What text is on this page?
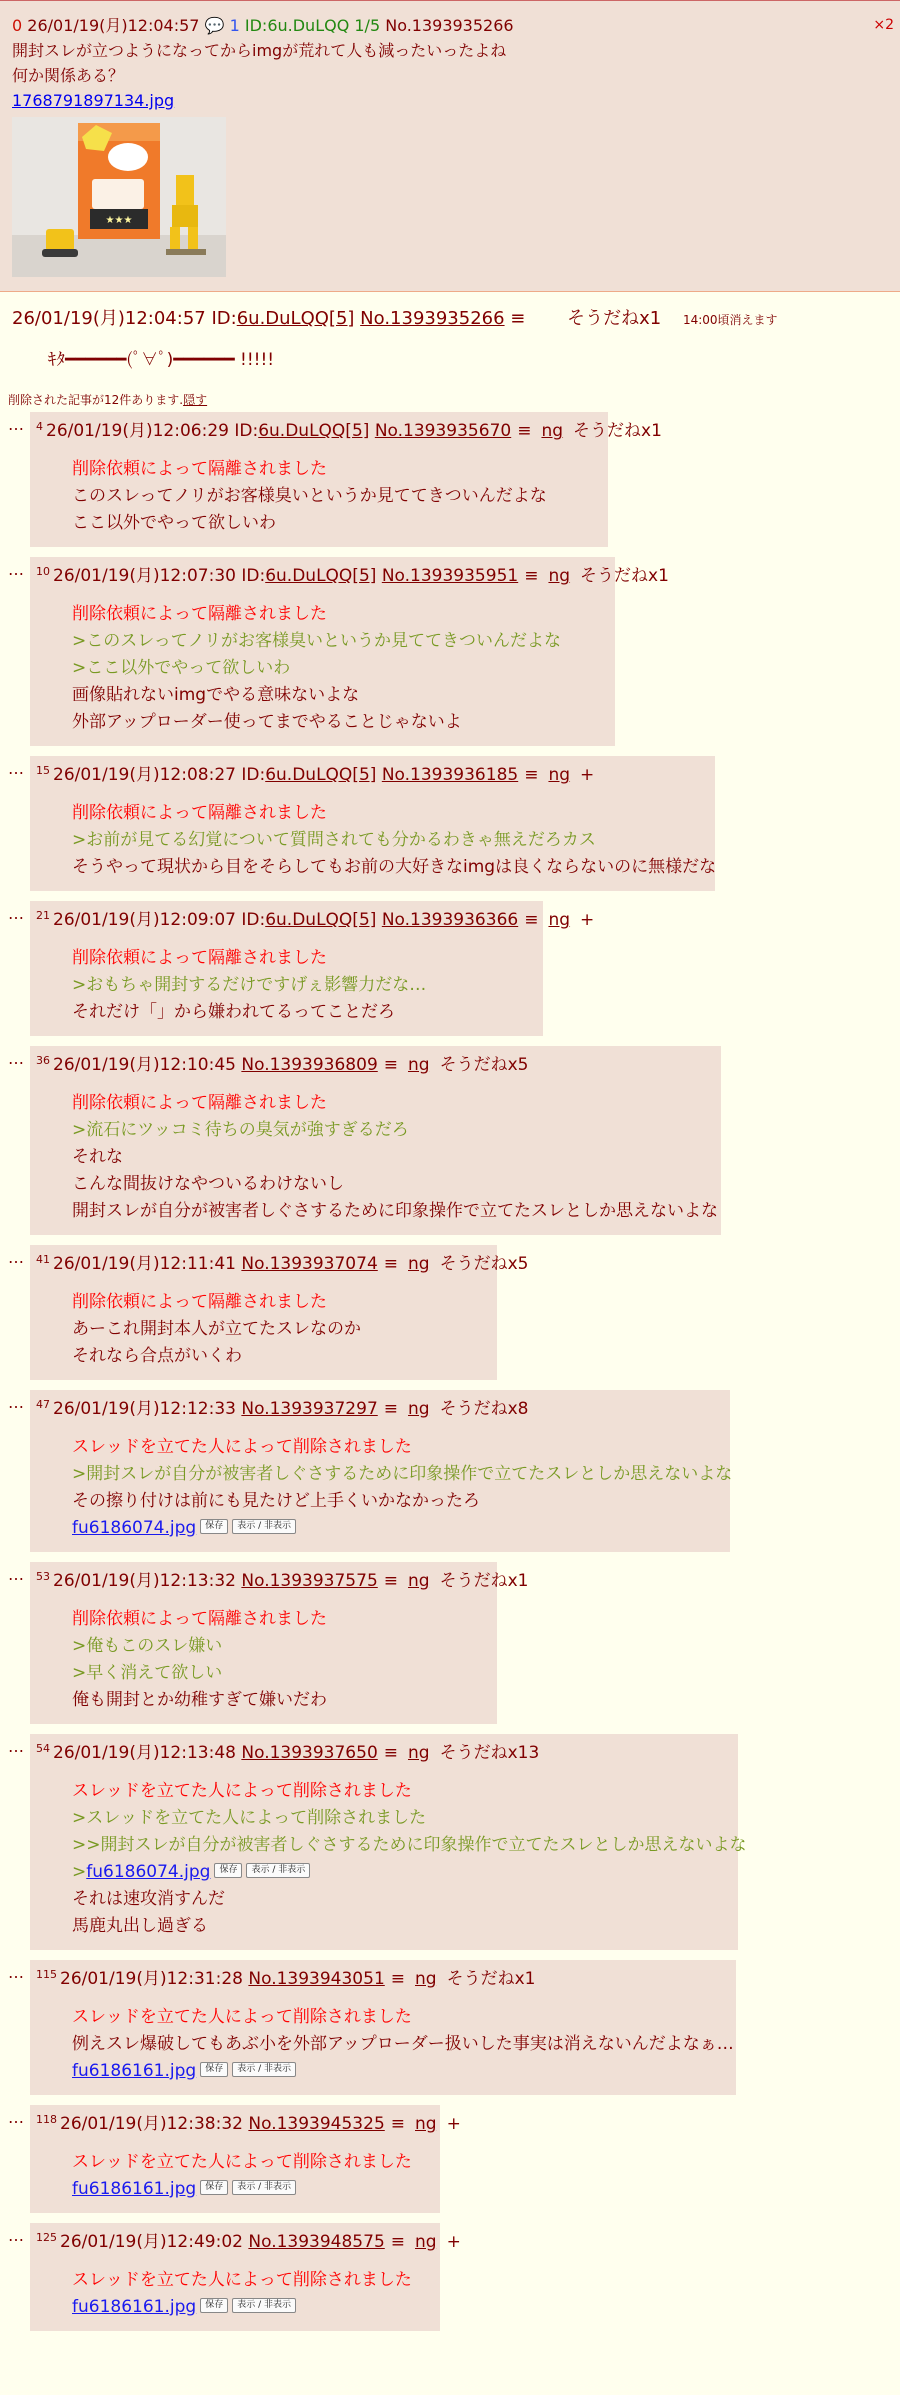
×2
0 26/01/19(月)12:04:57 💬 1 ID:6u.DuLQQ 1/5 No.1393935266
開封スレが立つようになってからimgが荒れて人も減ったいったよね
何か関係ある？
1768791897134.jpg
★★★
26/01/19(月)12:04:57 ID:6u.DuLQQ[5] No.1393935266 ≡ そうだねx1 14:00頃消えます
ｷﾀ━━━━━━(ﾟ∀ﾟ)━━━━━━ !!!!!
削除された記事が12件あります.隠す
…	$^4$ 26/01/19(月)12:06:29 ID:6u.DuLQQ[5] No.1393935670 ≡ ng そうだねx1
削除依頼によって隔離されました
このスレってノリがお客様臭いというか見ててきついんだよな
ここ以外でやって欲しいわ
…	$^{10}$ 26/01/19(月)12:07:30 ID:6u.DuLQQ[5] No.1393935951 ≡ ng そうだねx1
削除依頼によって隔離されました
>このスレってノリがお客様臭いというか見ててきついんだよな
>ここ以外でやって欲しいわ
画像貼れないimgでやる意味ないよな
外部アップローダー使ってまでやることじゃないよ
…	$^{15}$ 26/01/19(月)12:08:27 ID:6u.DuLQQ[5] No.1393936185 ≡ ng +
削除依頼によって隔離されました
>お前が見てる幻覚について質問されても分かるわきゃ無えだろカス
そうやって現状から目をそらしてもお前の大好きなimgは良くならないのに無様だな
…	$^{21}$ 26/01/19(月)12:09:07 ID:6u.DuLQQ[5] No.1393936366 ≡ ng +
削除依頼によって隔離されました
>おもちゃ開封するだけですげぇ影響力だな…
それだけ「」から嫌われてるってことだろ
…	$^{36}$ 26/01/19(月)12:10:45 No.1393936809 ≡ ng そうだねx5
削除依頼によって隔離されました
>流石にツッコミ待ちの臭気が強すぎるだろ
それな
こんな間抜けなやついるわけないし
開封スレが自分が被害者しぐさするために印象操作で立てたスレとしか思えないよな
…	$^{41}$ 26/01/19(月)12:11:41 No.1393937074 ≡ ng そうだねx5
削除依頼によって隔離されました
あーこれ開封本人が立てたスレなのか
それなら合点がいくわ
…	$^{47}$ 26/01/19(月)12:12:33 No.1393937297 ≡ ng そうだねx8
スレッドを立てた人によって削除されました
>開封スレが自分が被害者しぐさするために印象操作で立てたスレとしか思えないよな
その擦り付けは前にも見たけど上手くいかなかったろ
fu6186074.jpg 保存 表示 / 非表示
…	$^{53}$ 26/01/19(月)12:13:32 No.1393937575 ≡ ng そうだねx1
削除依頼によって隔離されました
>俺もこのスレ嫌い
>早く消えて欲しい
俺も開封とか幼稚すぎて嫌いだわ
…	$^{54}$ 26/01/19(月)12:13:48 No.1393937650 ≡ ng そうだねx13
スレッドを立てた人によって削除されました
>スレッドを立てた人によって削除されました
>>開封スレが自分が被害者しぐさするために印象操作で立てたスレとしか思えないよな
>fu6186074.jpg 保存 表示 / 非表示
それは速攻消すんだ
馬鹿丸出し過ぎる
…	$^{115}$ 26/01/19(月)12:31:28 No.1393943051 ≡ ng そうだねx1
スレッドを立てた人によって削除されました
例えスレ爆破してもあぶ小を外部アップローダー扱いした事実は消えないんだよなぁ…
fu6186161.jpg 保存 表示 / 非表示
…	$^{118}$ 26/01/19(月)12:38:32 No.1393945325 ≡ ng +
スレッドを立てた人によって削除されました
fu6186161.jpg 保存 表示 / 非表示
…	$^{125}$ 26/01/19(月)12:49:02 No.1393948575 ≡ ng +
スレッドを立てた人によって削除されました
fu6186161.jpg 保存 表示 / 非表示
